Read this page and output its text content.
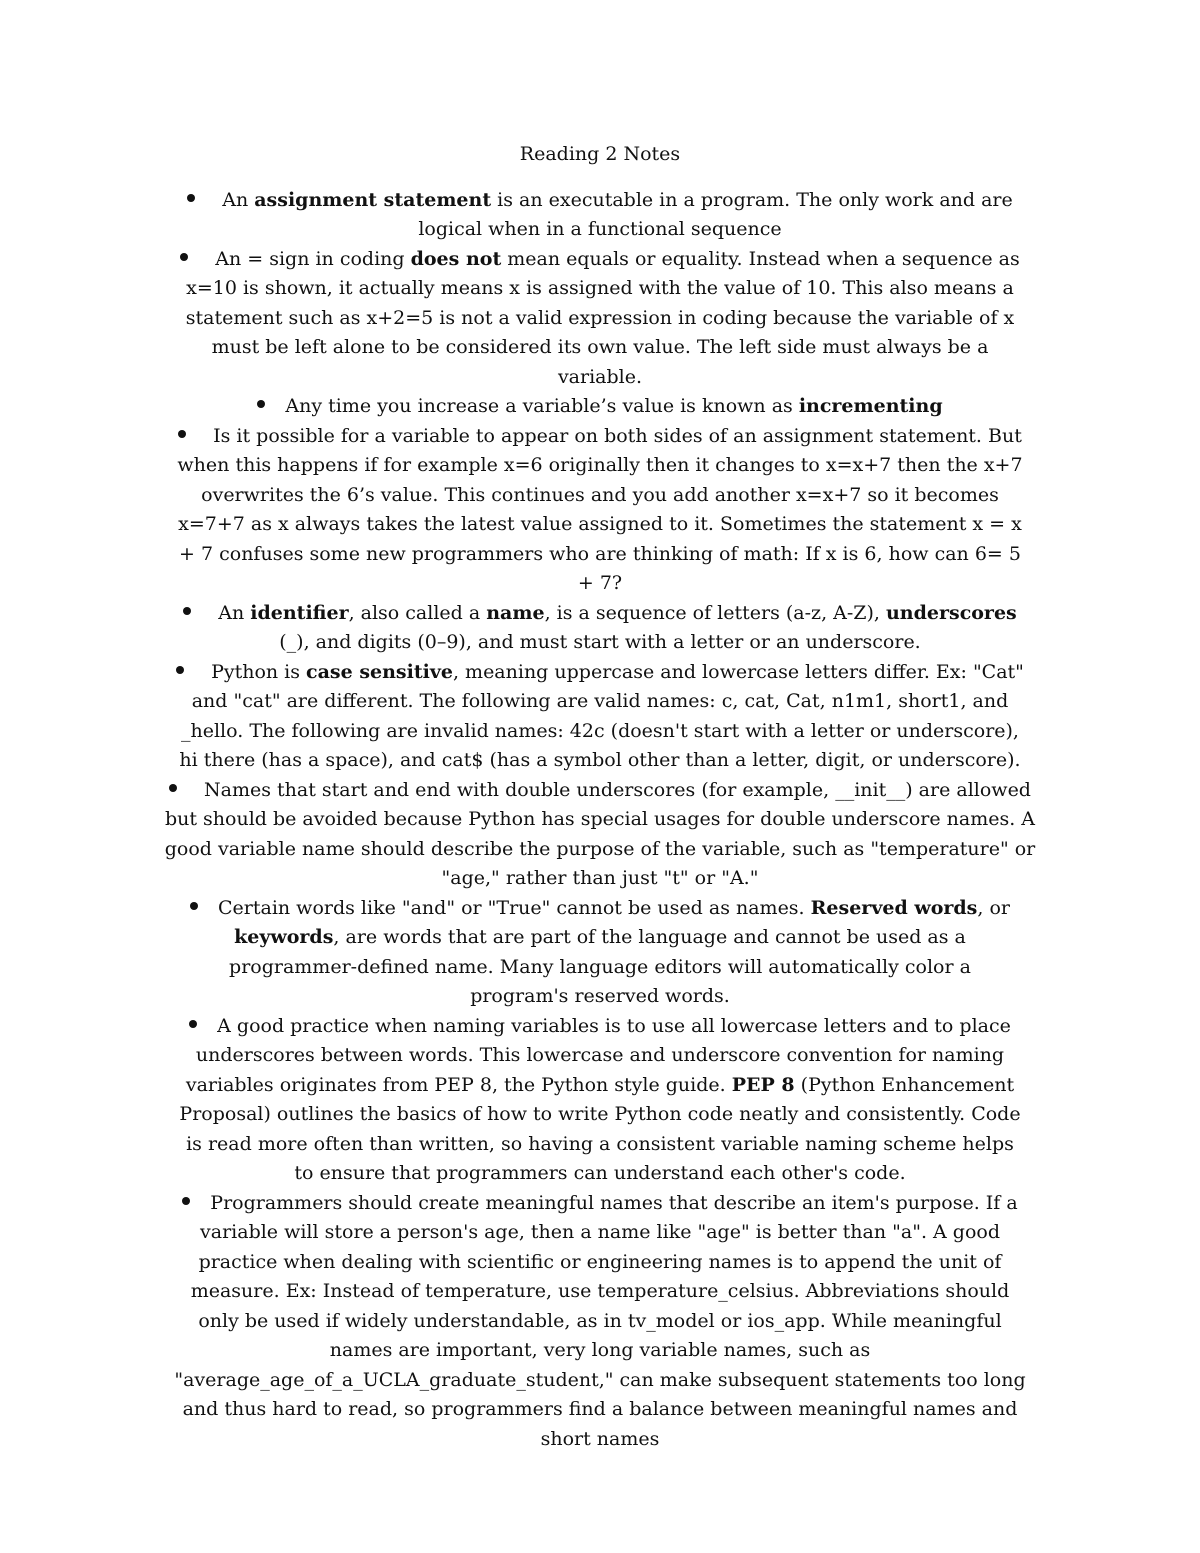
Reading 2 Notes
An assignment statement is an executable in a program. The only work and are logical when in a functional sequence
An = sign in coding does not mean equals or equality. Instead when a sequence as x=10 is shown, it actually means x is assigned with the value of 10. This also means a statement such as x+2=5 is not a valid expression in coding because the variable of x must be left alone to be considered its own value. The left side must always be a variable.
Any time you increase a variable’s value is known as incrementing
Is it possible for a variable to appear on both sides of an assignment statement. But when this happens if for example x=6 originally then it changes to x=x+7 then the x+7 overwrites the 6’s value. This continues and you add another x=x+7 so it becomes x=7+7 as x always takes the latest value assigned to it. Sometimes the statement x = x + 7 confuses some new programmers who are thinking of math: If x is 6, how can 6= 5 + 7?
An identifier, also called a name, is a sequence of letters (a-z, A-Z), underscores (_), and digits (0–9), and must start with a letter or an underscore.
Python is case sensitive, meaning uppercase and lowercase letters differ. Ex: "Cat" and "cat" are different. The following are valid names: c, cat, Cat, n1m1, short1, and _hello. The following are invalid names: 42c (doesn't start with a letter or underscore), hi there (has a space), and cat$ (has a symbol other than a letter, digit, or underscore).
Names that start and end with double underscores (for example, __init__) are allowed but should be avoided because Python has special usages for double underscore names. A good variable name should describe the purpose of the variable, such as "temperature" or "age," rather than just "t" or "A."
Certain words like "and" or "True" cannot be used as names. Reserved words, or keywords, are words that are part of the language and cannot be used as a programmer-defined name. Many language editors will automatically color a program's reserved words.
A good practice when naming variables is to use all lowercase letters and to place underscores between words. This lowercase and underscore convention for naming variables originates from PEP 8, the Python style guide. PEP 8 (Python Enhancement Proposal) outlines the basics of how to write Python code neatly and consistently. Code is read more often than written, so having a consistent variable naming scheme helps to ensure that programmers can understand each other's code.
Programmers should create meaningful names that describe an item's purpose. If a variable will store a person's age, then a name like "age" is better than "a". A good practice when dealing with scientific or engineering names is to append the unit of measure. Ex: Instead of temperature, use temperature_celsius. Abbreviations should only be used if widely understandable, as in tv_model or ios_app. While meaningful names are important, very long variable names, such as "average_age_of_a_UCLA_graduate_student," can make subsequent statements too long and thus hard to read, so programmers find a balance between meaningful names and short names
